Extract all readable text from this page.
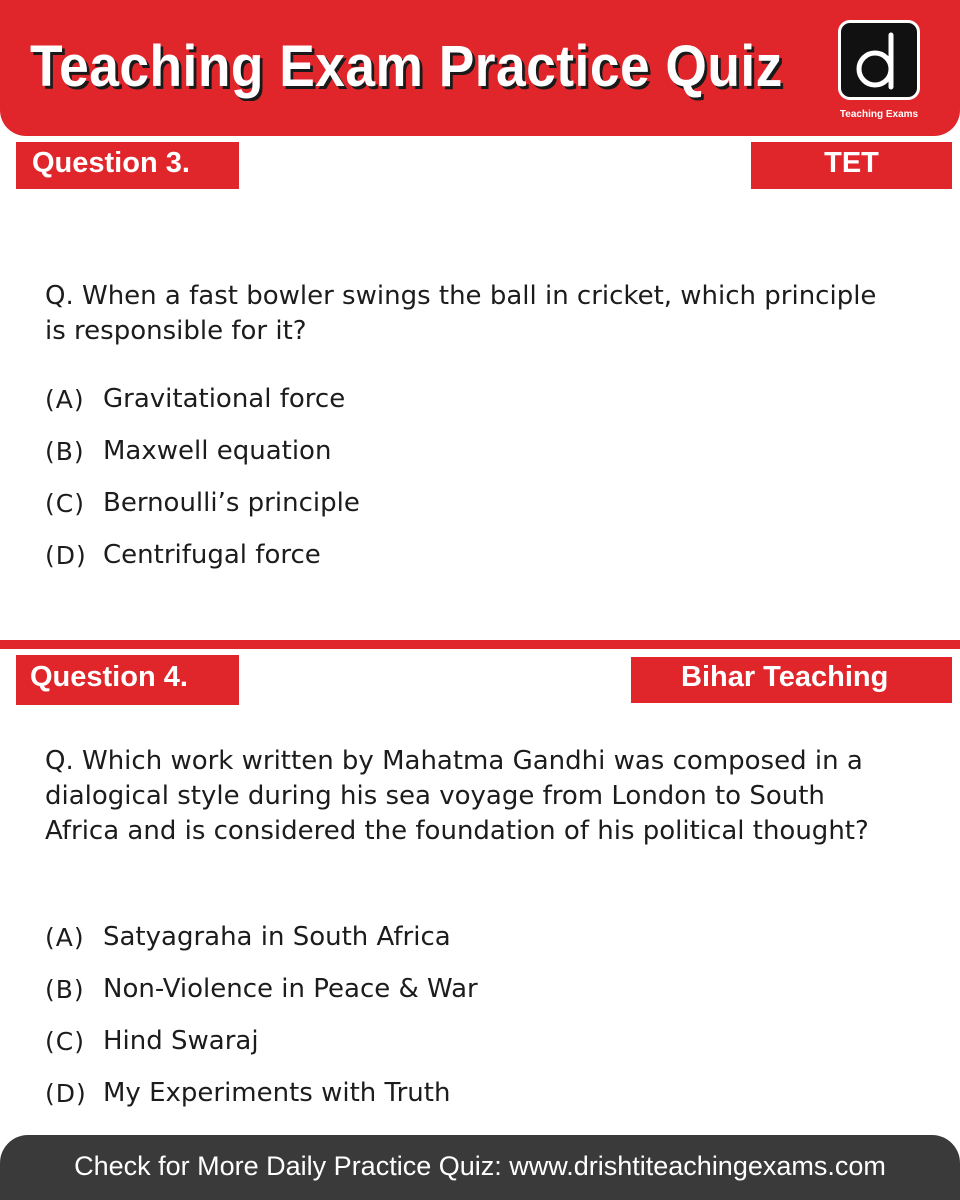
Teaching Exam Practice Quiz
Teaching Exams
Question 3.	TET
Q. When a fast bowler swings the ball in cricket, which principle is responsible for it?
(A) Gravitational force
(B) Maxwell equation
(C) Bernoulli’s principle
(D) Centrifugal force
Question 4.	Bihar Teaching
Q. Which work written by Mahatma Gandhi was composed in a dialogical style during his sea voyage from London to South Africa and is considered the foundation of his political thought?
(A) Satyagraha in South Africa
(B) Non-Violence in Peace & War
(C) Hind Swaraj
(D) My Experiments with Truth
Check for More Daily Practice Quiz: www.drishtiteachingexams.com
